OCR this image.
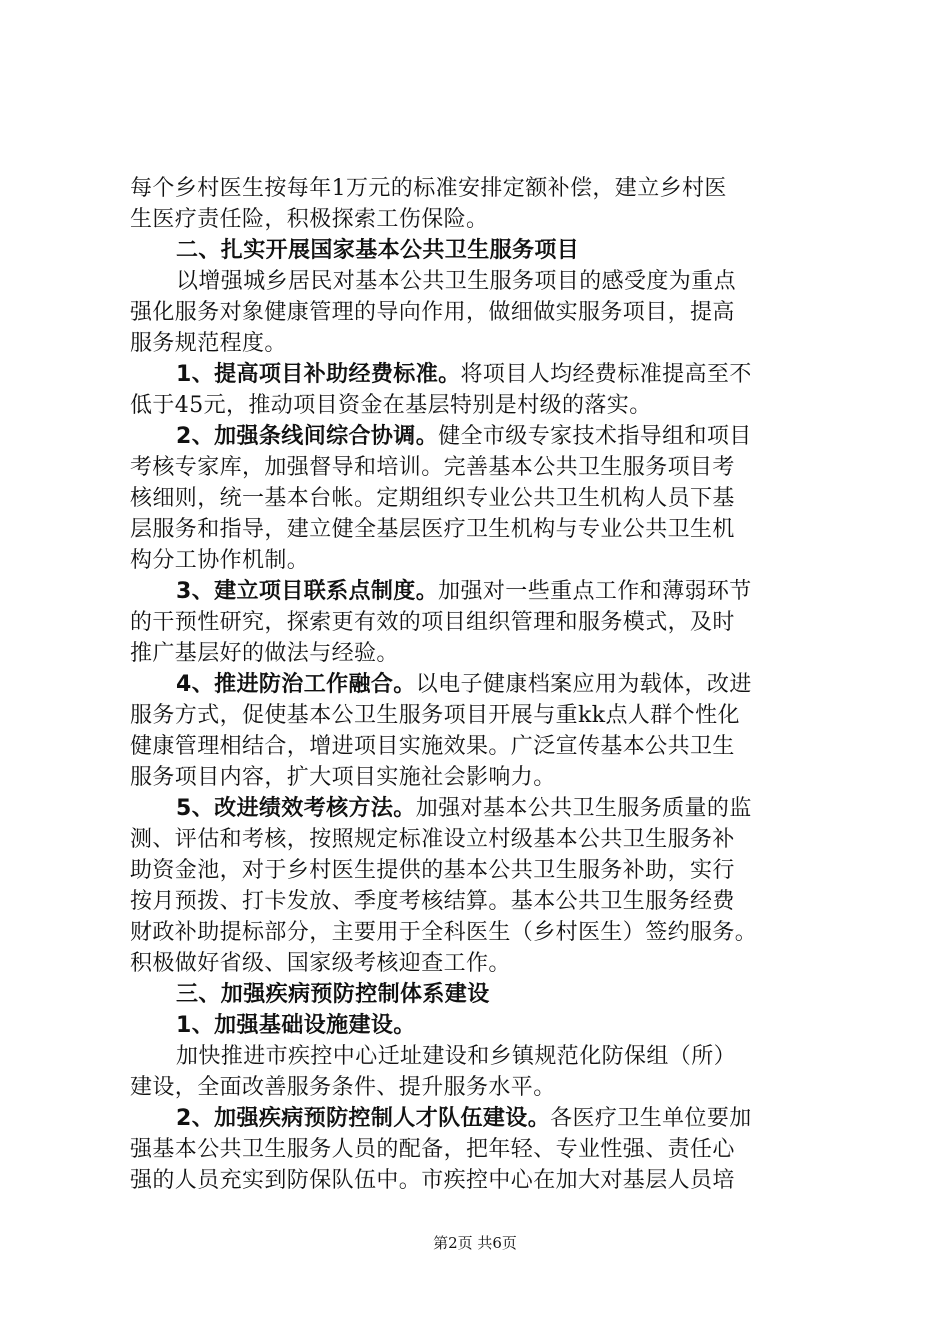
每个乡村医生按每年1万元的标准安排定额补偿，建立乡村医
生医疗责任险，积极探索工伤保险。
二、扎实开展国家基本公共卫生服务项目
以增强城乡居民对基本公共卫生服务项目的感受度为重点
强化服务对象健康管理的导向作用，做细做实服务项目，提高
服务规范程度。
1、提高项目补助经费标准。将项目人均经费标准提高至不
低于45元，推动项目资金在基层特别是村级的落实。
2、加强条线间综合协调。健全市级专家技术指导组和项目
考核专家库，加强督导和培训。完善基本公共卫生服务项目考
核细则，统一基本台帐。定期组织专业公共卫生机构人员下基
层服务和指导，建立健全基层医疗卫生机构与专业公共卫生机
构分工协作机制。
3、建立项目联系点制度。加强对一些重点工作和薄弱环节
的干预性研究，探索更有效的项目组织管理和服务模式，及时
推广基层好的做法与经验。
4、推进防治工作融合。以电子健康档案应用为载体，改进
服务方式，促使基本公卫生服务项目开展与重kk点人群个性化
健康管理相结合，增进项目实施效果。广泛宣传基本公共卫生
服务项目内容，扩大项目实施社会影响力。
5、改进绩效考核方法。加强对基本公共卫生服务质量的监
测、评估和考核，按照规定标准设立村级基本公共卫生服务补
助资金池，对于乡村医生提供的基本公共卫生服务补助，实行
按月预拨、打卡发放、季度考核结算。基本公共卫生服务经费
财政补助提标部分，主要用于全科医生（乡村医生）签约服务。
积极做好省级、国家级考核迎查工作。
三、加强疾病预防控制体系建设
1、加强基础设施建设。
加快推进市疾控中心迁址建设和乡镇规范化防保组（所）
建设，全面改善服务条件、提升服务水平。
2、加强疾病预防控制人才队伍建设。各医疗卫生单位要加
强基本公共卫生服务人员的配备，把年轻、专业性强、责任心
强的人员充实到防保队伍中。市疾控中心在加大对基层人员培
第2页 共6页
